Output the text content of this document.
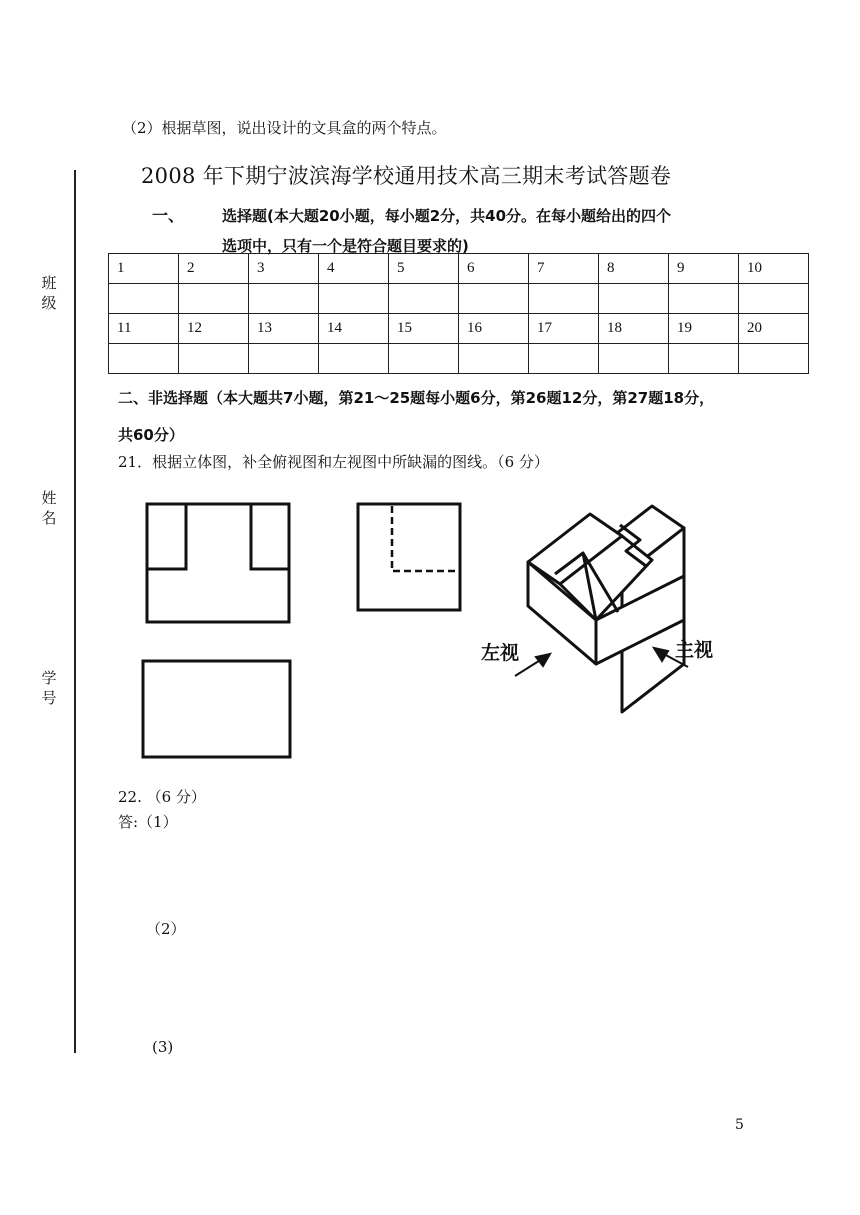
（2）根据草图，说出设计的文具盒的两个特点。
2008 年下期宁波滨海学校通用技术高三期末考试答题卷
班级
姓名
学号
一、	选择题(本大题20小题，每小题2分，共40分。在每小题给出的四个
选项中，只有一个是符合题目要求的)
1	2	3	4	5	6	7	8	9	10

11	12	13	14	15	16	17	18	19	20

二、非选择题（本大题共7小题，第21～25题每小题6分，第26题12分，第27题18分，
共60分）
21．根据立体图，补全俯视图和左视图中所缺漏的图线。（6 分）
左视	主视
22. （6 分）
答:（1）
（2）
(3)
5
